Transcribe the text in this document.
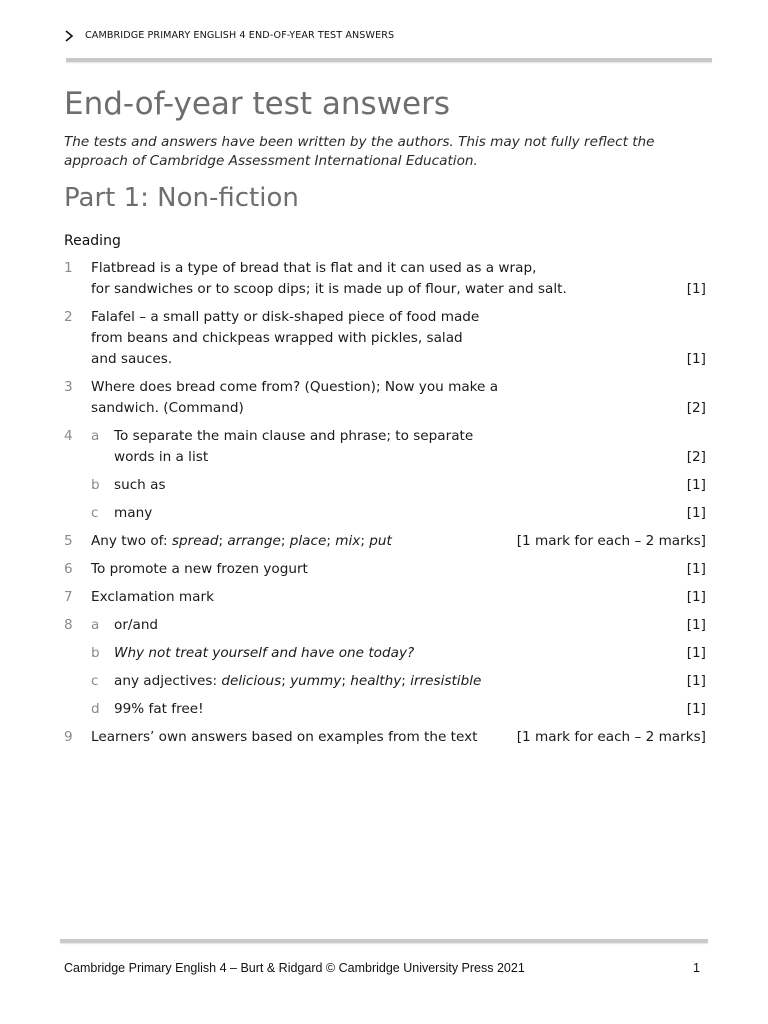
CAMBRIDGE PRIMARY ENGLISH 4 END-OF-YEAR TEST ANSWERS
End-of-year test answers
The tests and answers have been written by the authors. This may not fully reflect the
approach of Cambridge Assessment International Education.
Part 1: Non-fiction
Reading
1 Flatbread is a type of bread that is flat and it can used as a wrap,
for sandwiches or to scoop dips; it is made up of flour, water and salt.	[1]
2 Falafel – a small patty or disk-shaped piece of food made
from beans and chickpeas wrapped with pickles, salad
and sauces.	[1]
3 Where does bread come from? (Question); Now you make a
sandwich. (Command)	[2]
4 a To separate the main clause and phrase; to separate
words in a list	[2]
b such as	[1]
c many	[1]
5 Any two of: spread; arrange; place; mix; put	[1 mark for each – 2 marks]
6 To promote a new frozen yogurt	[1]
7 Exclamation mark	[1]
8 a or/and	[1]
b Why not treat yourself and have one today?	[1]
c any adjectives: delicious; yummy; healthy; irresistible	[1]
d 99% fat free!	[1]
9 Learners’ own answers based on examples from the text	[1 mark for each – 2 marks]
Cambridge Primary English 4 – Burt & Ridgard © Cambridge University Press 2021	1
